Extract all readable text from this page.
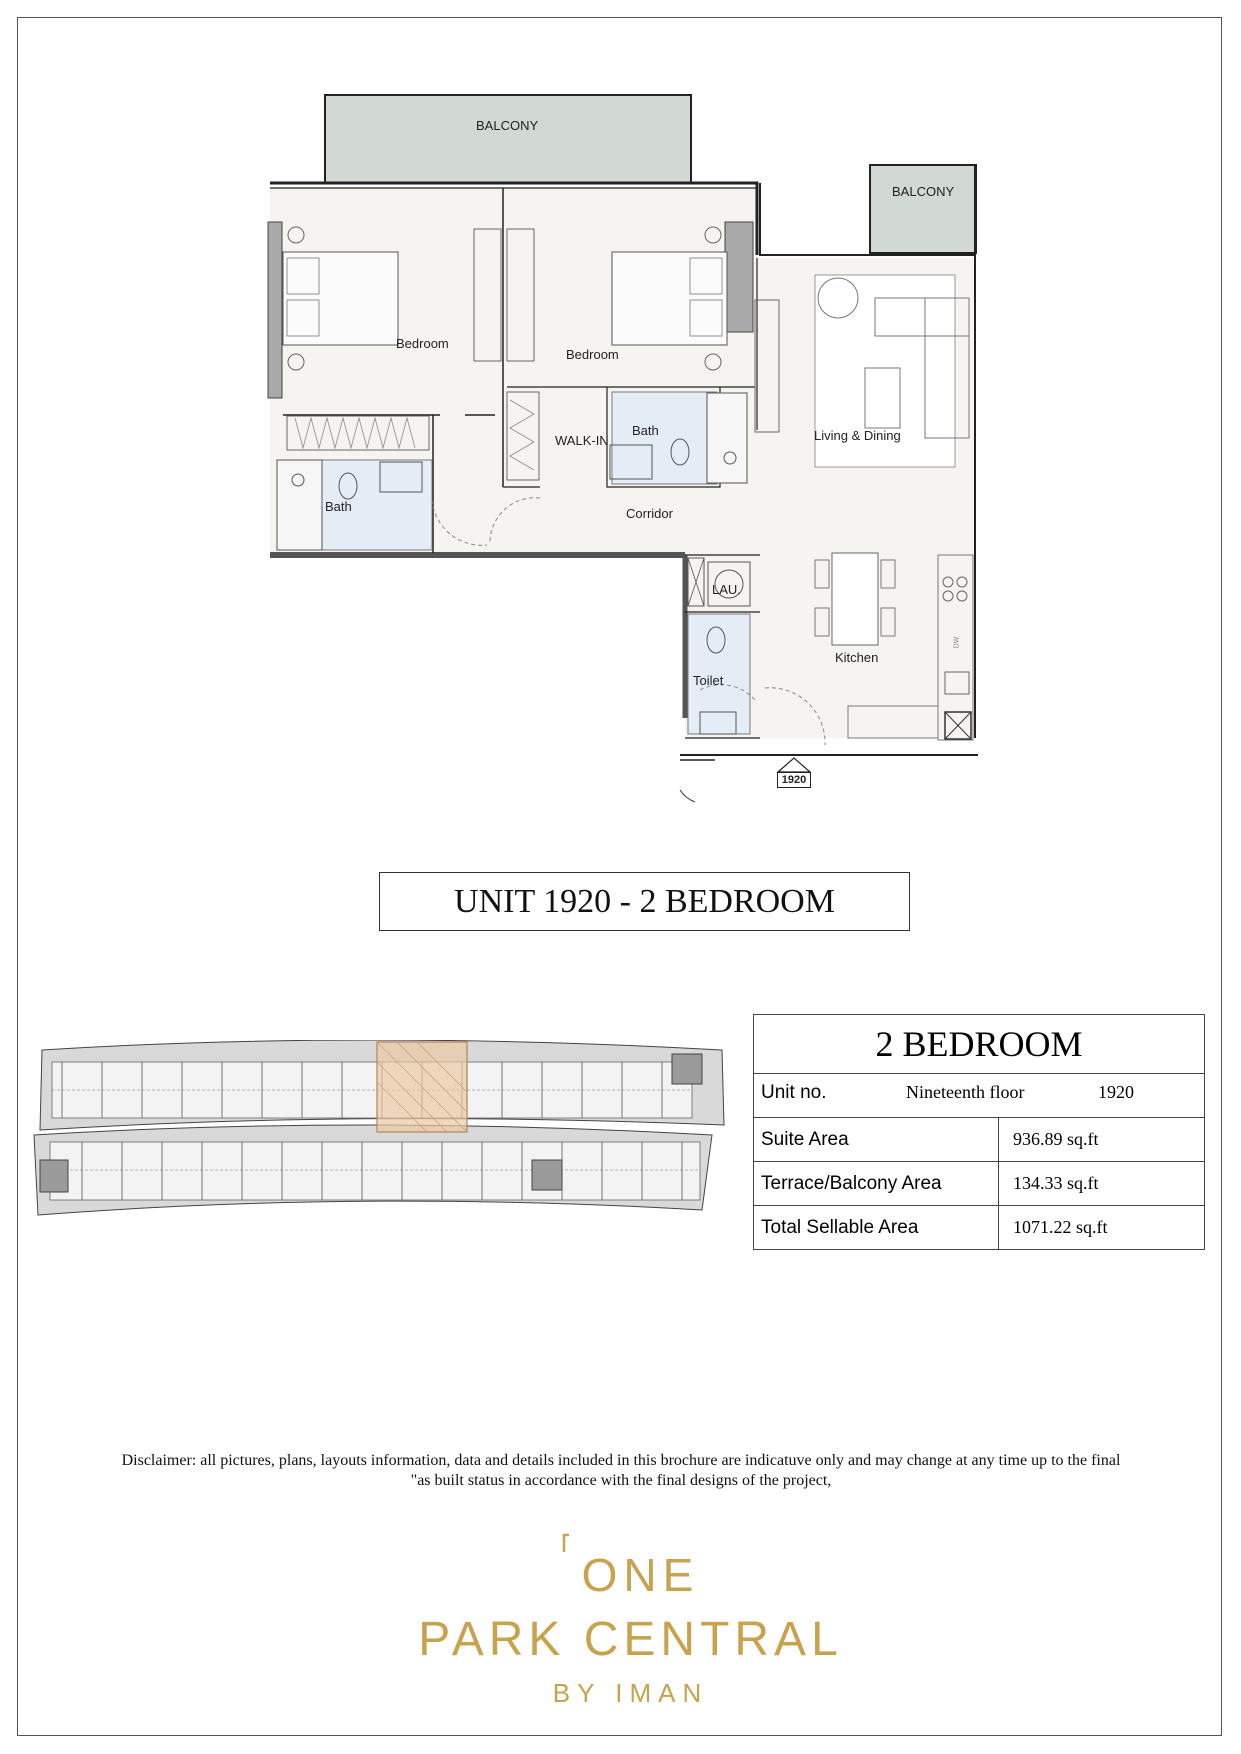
BALCONY
BALCONY
Bedroom
Bedroom
Bath
Bath
WALK-IN
Corridor
Living & Dining
LAU.
Toilet
Kitchen
DW
1920
UNIT 1920 - 2 BEDROOM
2 BEDROOM	

Unit no. Nineteenth floor 1920	

Suite Area	936.89 sq.ft
Terrace/Balcony Area	134.33 sq.ft
Total Sellable Area	1071.22 sq.ft
Disclaimer: all pictures, plans, layouts information, data and details included in this brochure are indicatuve only and may change at any time up to the final
"as built status in accordance with the final designs of the project,
ONE
PARK CENTRAL
BY IMAN
